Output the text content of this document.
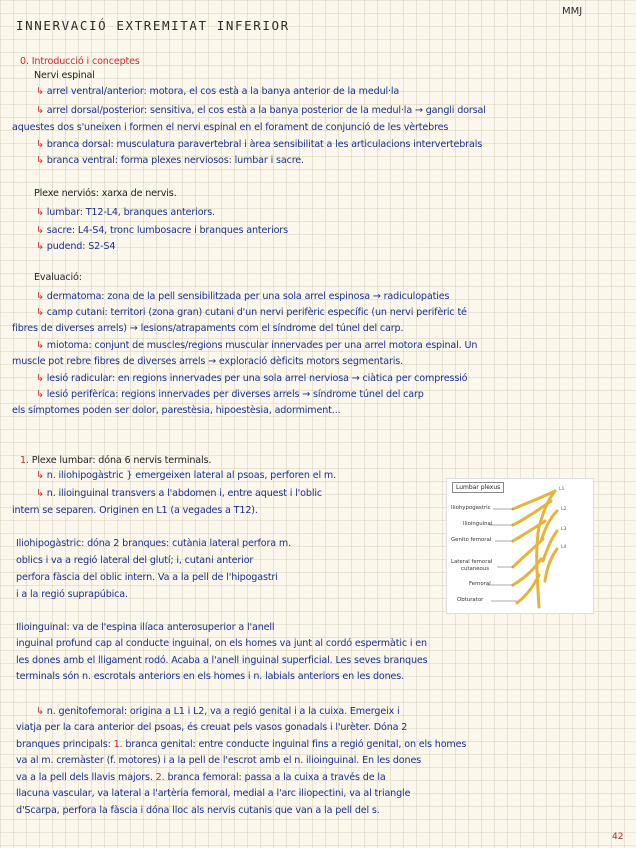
INNERVACIÓ EXTREMITAT INFERIOR
MMJ
0. Introducció i conceptes
Nervi espinal
↳ arrel ventral/anterior: motora, el cos està a la banya anterior de la medul·la
↳ arrel dorsal/posterior: sensitiva, el cos està a la banya posterior de la medul·la → gangli dorsal
aquestes dos s'uneixen i formen el nervi espinal en el forament de conjunció de les vèrtebres
↳ branca dorsal: musculatura paravertebral i àrea sensibilitat a les articulacions intervertebrals
↳ branca ventral: forma plexes nerviosos: lumbar i sacre.
Plexe nerviós: xarxa de nervis.
↳ lumbar: T12-L4, branques anteriors.
↳ sacre: L4-S4, tronc lumbosacre i branques anteriors
↳ pudend: S2-S4
Evaluació:
↳ dermatoma: zona de la pell sensibilitzada per una sola arrel espinosa → radiculopaties
↳ camp cutani: territori (zona gran) cutani d'un nervi perifèric específic (un nervi perifèric té
fibres de diverses arrels) → lesions/atrapaments com el síndrome del túnel del carp.
↳ miotoma: conjunt de muscles/regions muscular innervades per una arrel motora espinal. Un
muscle pot rebre fibres de diverses arrels → exploració dèficits motors segmentaris.
↳ lesió radicular: en regions innervades per una sola arrel nerviosa → ciàtica per compressió
↳ lesió perifèrica: regions innervades per diverses arrels → síndrome túnel del carp
els símptomes poden ser dolor, parestèsia, hipoestèsia, adormiment...
1. Plexe lumbar: dóna 6 nervis terminals.
↳ n. iliohipogàstric } emergeixen lateral al psoas, perforen el m.
↳ n. ilioinguinal transvers a l'abdomen i, entre aquest i l'oblic
intern se separen. Originen en L1 (a vegades a T12).
Iliohipogàstric: dóna 2 branques: cutània lateral perfora m.
oblics i va a regió lateral del glutí; i, cutani anterior
perfora fàscia del oblic intern. Va a la pell de l'hipogastri
i a la regió suprapúbica.
Ilioinguinal: va de l'espina ilíaca anterosuperior a l'anell
inguinal profund cap al conducte inguinal, on els homes va junt al cordó espermàtic i en
les dones amb el lligament rodó. Acaba a l'anell inguinal superficial. Les seves branques
terminals són n. escrotals anteriors en els homes i n. labials anteriors en les dones.
↳ n. genitofemoral: origina a L1 i L2, va a regió genital i a la cuixa. Emergeix i
viatja per la cara anterior del psoas, és creuat pels vasos gonadals i l'urèter. Dóna 2
branques principals: 1. branca genital: entre conducte inguinal fins a regió genital, on els homes
va al m. cremàster (f. motores) i a la pell de l'escrot amb el n. ilioinguinal. En les dones
va a la pell dels llavis majors. 2. branca femoral: passa a la cuixa a través de la
llacuna vascular, va lateral a l'artèria femoral, medial a l'arc iliopectini, va al triangle
d'Scarpa, perfora la fàscia i dóna lloc als nervis cutanis que van a la pell del s.
Lumbar plexus
Iliohypogastric
Ilioinguinal
Genito femoral
Lateral femoral
cutaneous
Femoral
Obturator
L1
L2
L3
L4
42
